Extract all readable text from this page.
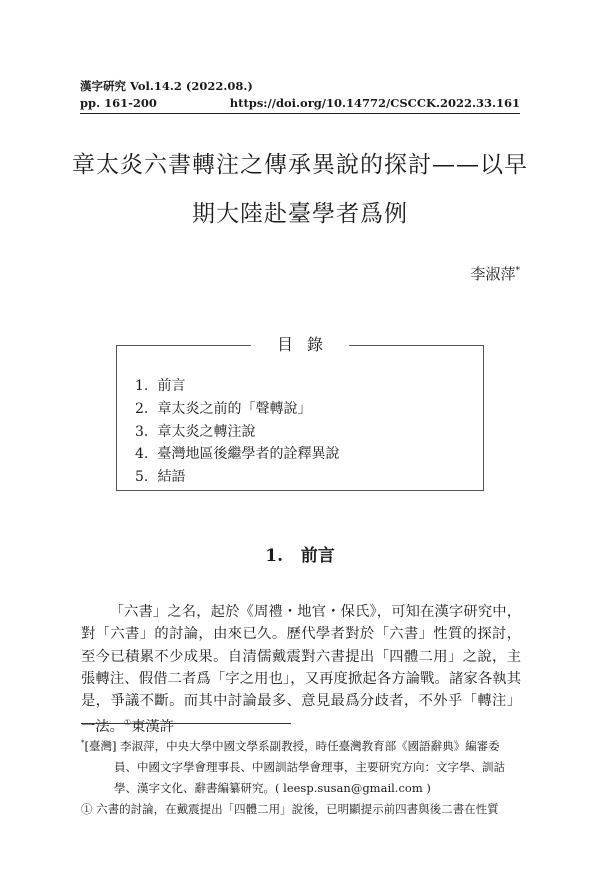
漢字硏究 Vol.14.2 (2022.08.)
pp. 161-200	https://doi.org/10.14772/CSCCK.2022.33.161
章太炎六書轉注之傳承異說的探討——以早
期大陸赴臺學者爲例
李淑萍*
目錄
1. 前言
2. 章太炎之前的「聲轉說」
3. 章太炎之轉注說
4. 臺灣地區後繼學者的詮釋異說
5. 結語
1. 前言

「六書」之名，起於《周禮・地官・保氏》，可知在漢字研究中，對「六書」的討論，由來已久。歷代學者對於「六書」性質的探討，至今已積累不少成果。自清儒戴震對六書提出「四體二用」之說，主張轉注、假借二者爲「字之用也」，又再度掀起各方論戰。諸家各執其是，爭議不斷。而其中討論最多、意見最爲分歧者，不外乎「轉注」一法。①東漢許

*[臺灣] 李淑萍，中央大學中國文學系副教授，時任臺灣教育部《國語辭典》編審委
員、中國文字學會理事長、中國訓詁學會理事，主要研究方向：文字學、訓詁學、漢字文化、辭書編纂研究。( leesp.susan@gmail.com )
① 六書的討論，在戴震提出「四體二用」說後，已明顯提示前四書與後二書在性質
